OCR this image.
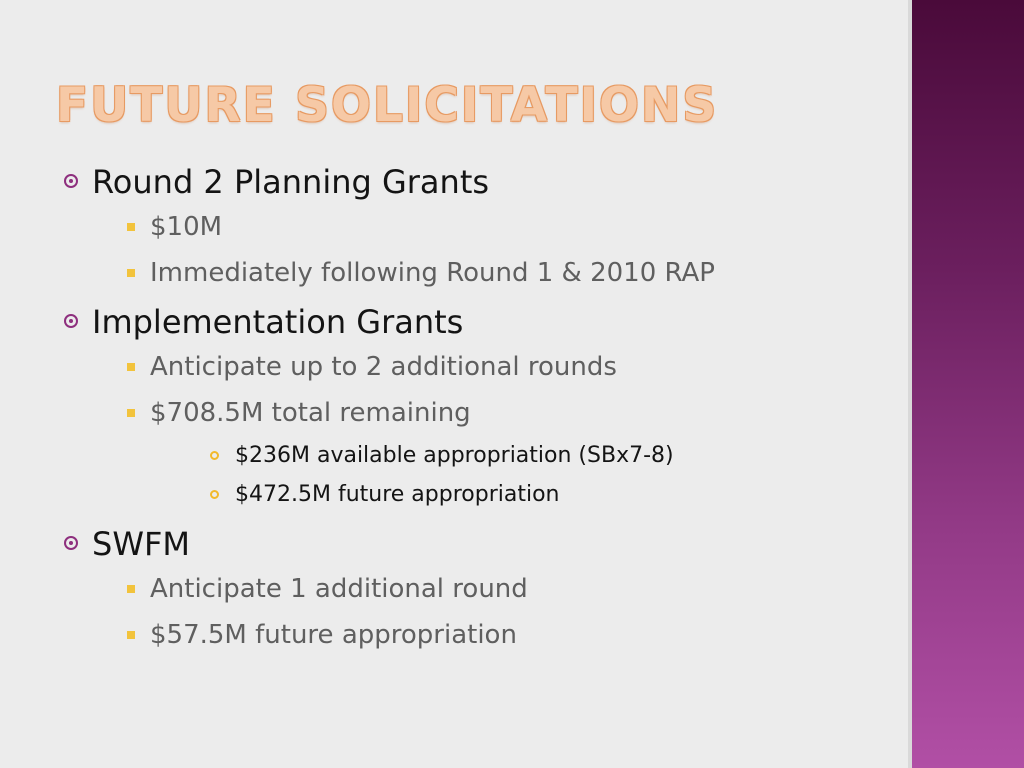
FUTURE SOLICITATIONS
Round 2 Planning Grants
$10M
Immediately following Round 1 & 2010 RAP
Implementation Grants
Anticipate up to 2 additional rounds
$708.5M total remaining
$236M available appropriation (SBx7-8)
$472.5M future appropriation
SWFM
Anticipate 1 additional round
$57.5M future appropriation
